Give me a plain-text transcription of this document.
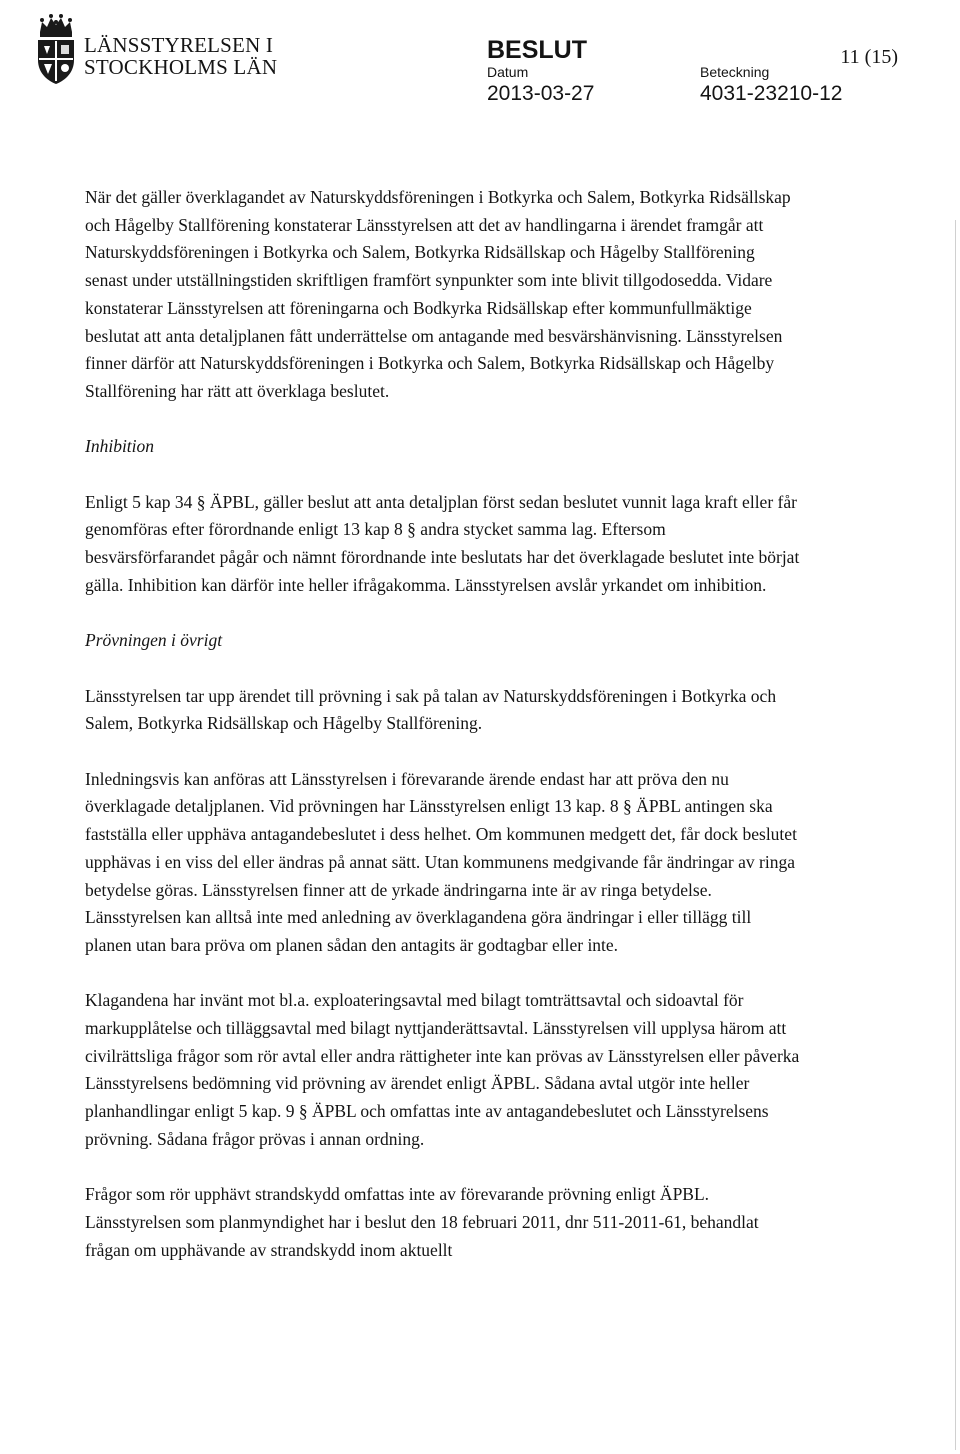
LÄNSSTYRELSEN I
STOCKHOLMS LÄN
BESLUT	11 (15)
Datum
2013-03-27
Beteckning
4031-23210-12

När det gäller överklagandet av Naturskyddsföreningen i Botkyrka och Salem, Botkyrka Ridsällskap och Hågelby Stallförening konstaterar Länsstyrelsen att det av handlingarna i ärendet framgår att Naturskyddsföreningen i Botkyrka och Salem, Botkyrka Ridsällskap och Hågelby Stallförening senast under utställningstiden skriftligen framfört synpunkter som inte blivit tillgodosedda. Vidare konstaterar Länsstyrelsen att föreningarna och Bodkyrka Ridsällskap efter kommunfullmäktige beslutat att anta detaljplanen fått underrättelse om antagande med besvärshänvisning. Länsstyrelsen finner därför att Naturskyddsföreningen i Botkyrka och Salem, Botkyrka Ridsällskap och Hågelby Stallförening har rätt att överklaga beslutet.

Inhibition

Enligt 5 kap 34 § ÄPBL, gäller beslut att anta detaljplan först sedan beslutet vunnit laga kraft eller får genomföras efter förordnande enligt 13 kap 8 § andra stycket samma lag. Eftersom besvärsförfarandet pågår och nämnt förordnande inte beslutats har det överklagade beslutet inte börjat gälla. Inhibition kan därför inte heller ifrågakomma. Länsstyrelsen avslår yrkandet om inhibition.

Prövningen i övrigt

Länsstyrelsen tar upp ärendet till prövning i sak på talan av Naturskyddsföreningen i Botkyrka och Salem, Botkyrka Ridsällskap och Hågelby Stallförening.

Inledningsvis kan anföras att Länsstyrelsen i förevarande ärende endast har att pröva den nu överklagade detaljplanen. Vid prövningen har Länsstyrelsen enligt 13 kap. 8 § ÄPBL antingen ska fastställa eller upphäva antagandebeslutet i dess helhet. Om kommunen medgett det, får dock beslutet upphävas i en viss del eller ändras på annat sätt. Utan kommunens medgivande får ändringar av ringa betydelse göras. Länsstyrelsen finner att de yrkade ändringarna inte är av ringa betydelse. Länsstyrelsen kan alltså inte med anledning av överklagandena göra ändringar i eller tillägg till planen utan bara pröva om planen sådan den antagits är godtagbar eller inte.

Klagandena har invänt mot bl.a. exploateringsavtal med bilagt tomträttsavtal och sidoavtal för markupplåtelse och tilläggsavtal med bilagt nyttjanderättsavtal. Länsstyrelsen vill upplysa härom att civilrättsliga frågor som rör avtal eller andra rättigheter inte kan prövas av Länsstyrelsen eller påverka Länsstyrelsens bedömning vid prövning av ärendet enligt ÄPBL. Sådana avtal utgör inte heller planhandlingar enligt 5 kap. 9 § ÄPBL och omfattas inte av antagandebeslutet och Länsstyrelsens prövning. Sådana frågor prövas i annan ordning.

Frågor som rör upphävt strandskydd omfattas inte av förevarande prövning enligt ÄPBL. Länsstyrelsen som planmyndighet har i beslut den 18 februari 2011, dnr 511-2011-61, behandlat frågan om upphävande av strandskydd inom aktuellt
